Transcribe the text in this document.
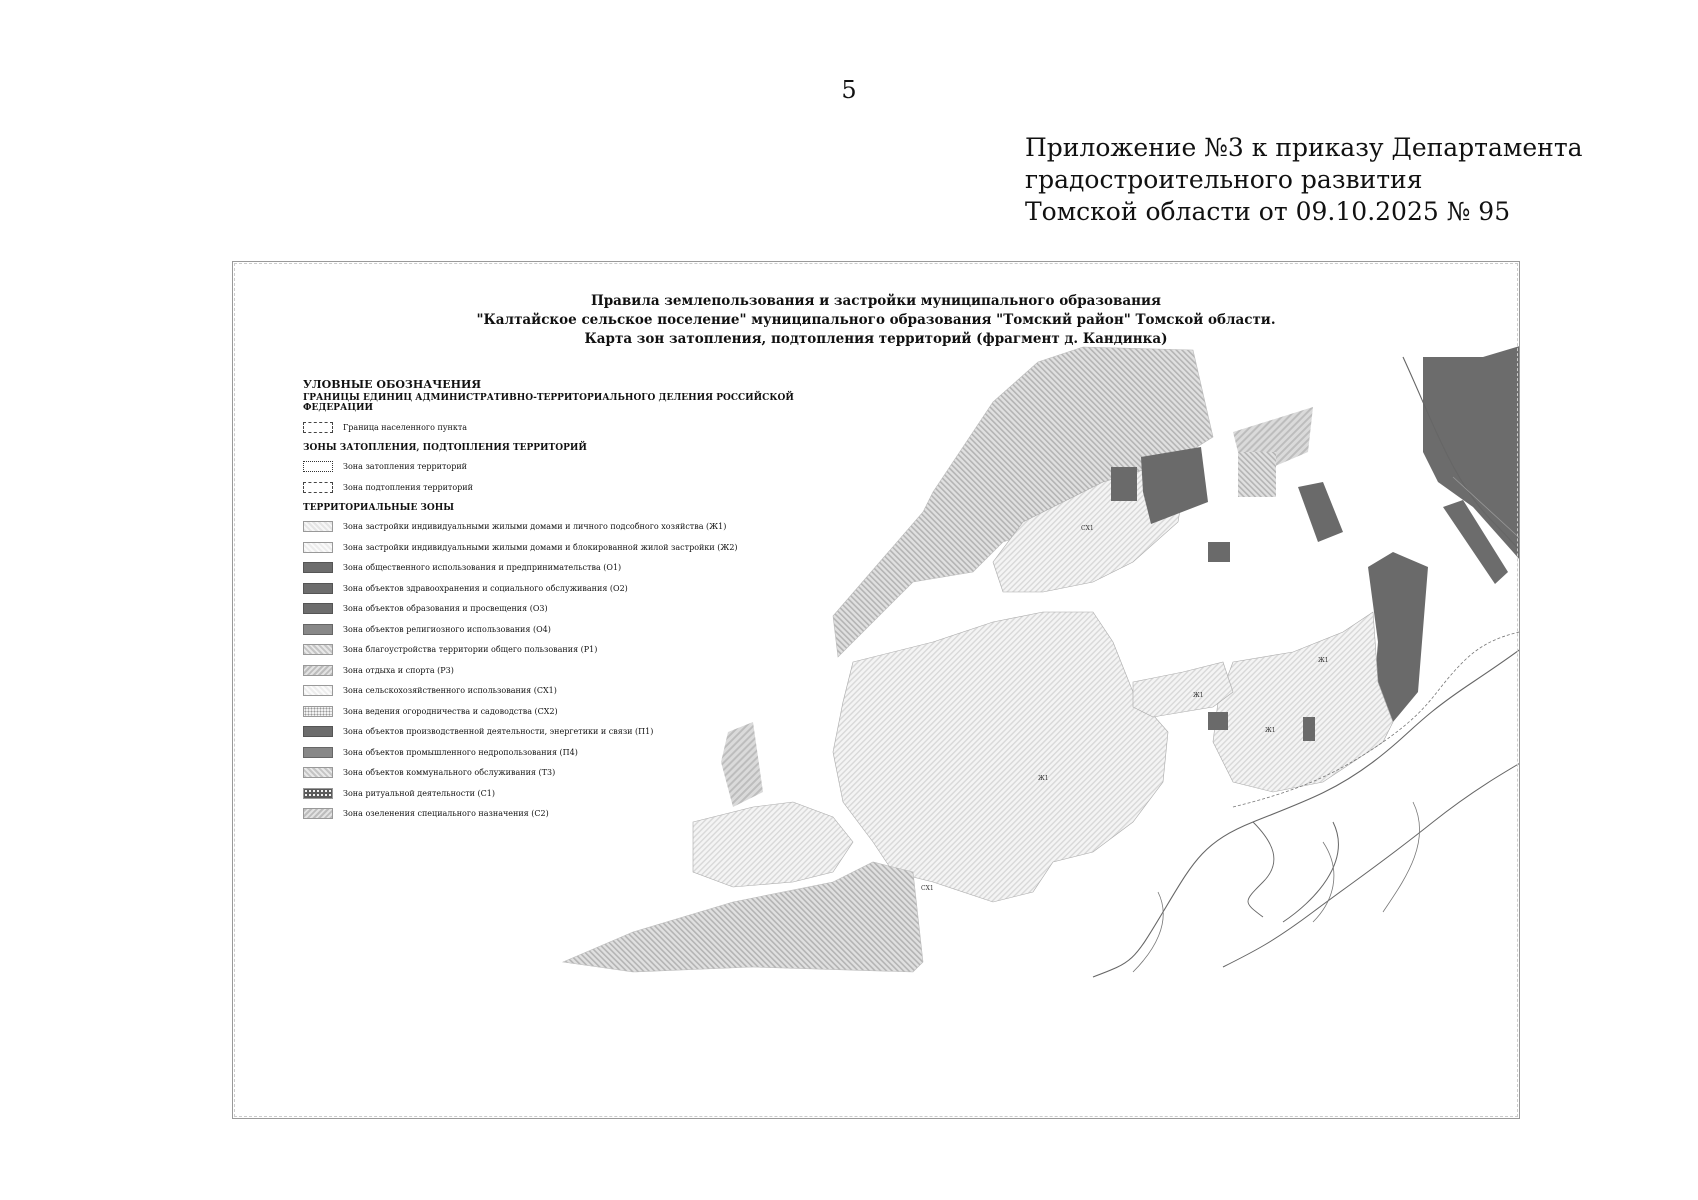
5
Приложение №3 к приказу Департамента
градостроительного развития
Томской области от 09.10.2025 № 95
Ж1
Ж1
Ж1
СХ1
СХ1
Ж1
Правила землепользования и застройки муниципального образования
"Калтайское сельское поселение" муниципального образования "Томский район" Томской области.
Карта зон затопления, подтопления территорий (фрагмент д. Кандинка)
УЛОВНЫЕ ОБОЗНАЧЕНИЯ
ГРАНИЦЫ ЕДИНИЦ АДМИНИСТРАТИВНО-ТЕРРИТОРИАЛЬНОГО ДЕЛЕНИЯ РОССИЙСКОЙ ФЕДЕРАЦИИ
Граница населенного пункта
ЗОНЫ ЗАТОПЛЕНИЯ, ПОДТОПЛЕНИЯ ТЕРРИТОРИЙ
Зона затопления территорий
Зона подтопления территорий
ТЕРРИТОРИАЛЬНЫЕ ЗОНЫ
Зона застройки индивидуальными жилыми домами и личного подсобного хозяйства (Ж1)
Зона застройки индивидуальными жилыми домами и блокированной жилой застройки (Ж2)
Зона общественного использования и предпринимательства (О1)
Зона объектов здравоохранения и социального обслуживания (О2)
Зона объектов образования и просвещения (О3)
Зона объектов религиозного использования (О4)
Зона благоустройства территории общего пользования (Р1)
Зона отдыха и спорта (Р3)
Зона сельскохозяйственного использования (СХ1)
Зона ведения огородничества и садоводства (СХ2)
Зона объектов производственной деятельности, энергетики и связи (П1)
Зона объектов промышленного недропользования (П4)
Зона объектов коммунального обслуживания (Т3)
Зона ритуальной деятельности (С1)
Зона озеленения специального назначения (С2)
